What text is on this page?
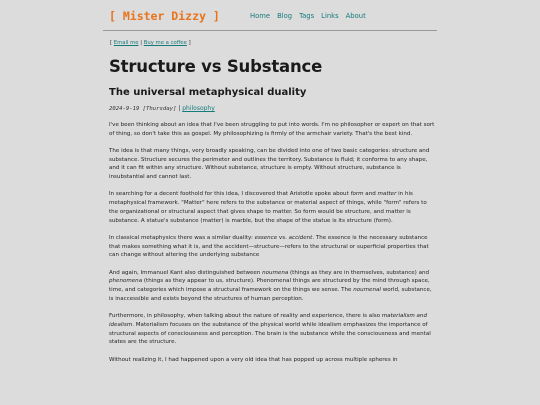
[ Mister Dizzy ]	Home Blog Tags Links About
[ Email me | Buy me a coffee ]
Structure vs Substance
The universal metaphysical duality
2024-9-19 [Thursday] | philosophy

I've been thinking about an idea that I've been struggling to put into words. I'm no philosopher or expert on that sort of thing, so don't take this as gospel. My philosophizing is firmly of the armchair variety. That's the best kind.

The idea is that many things, very broadly speaking, can be divided into one of two basic categories: structure and substance. Structure secures the perimeter and outlines the territory. Substance is fluid; it conforms to any shape, and it can fit within any structure. Without substance, structure is empty. Without structure, substance is insubstantial and cannot last.

In searching for a decent foothold for this idea, I discovered that Aristotle spoke about form and matter in his metaphysical framework. "Matter" here refers to the substance or material aspect of things, while "form" refers to the organizational or structural aspect that gives shape to matter. So form would be structure, and matter is substance. A statue's substance (matter) is marble, but the shape of the statue is its structure (form).

In classical metaphysics there was a similar duality: essence vs. accident. The essence is the necessary substance that makes something what it is, and the accident—structure—refers to the structural or superficial properties that can change without altering the underlying substance

And again, Immanuel Kant also distinguished between noumena (things as they are in themselves, substance) and phenomena (things as they appear to us, structure). Phenomenal things are structured by the mind through space, time, and categories which impose a structural framework on the things we sense. The noumenal world, substance, is inaccessible and exists beyond the structures of human perception.

Furthermore, in philosophy, when talking about the nature of reality and experience, there is also materialism and idealism. Materialism focuses on the substance of the physical world while idealism emphasizes the importance of structural aspects of consciousness and perception. The brain is the substance while the consciousness and mental states are the structure.

Without realizing it, I had happened upon a very old idea that has popped up across multiple spheres in
